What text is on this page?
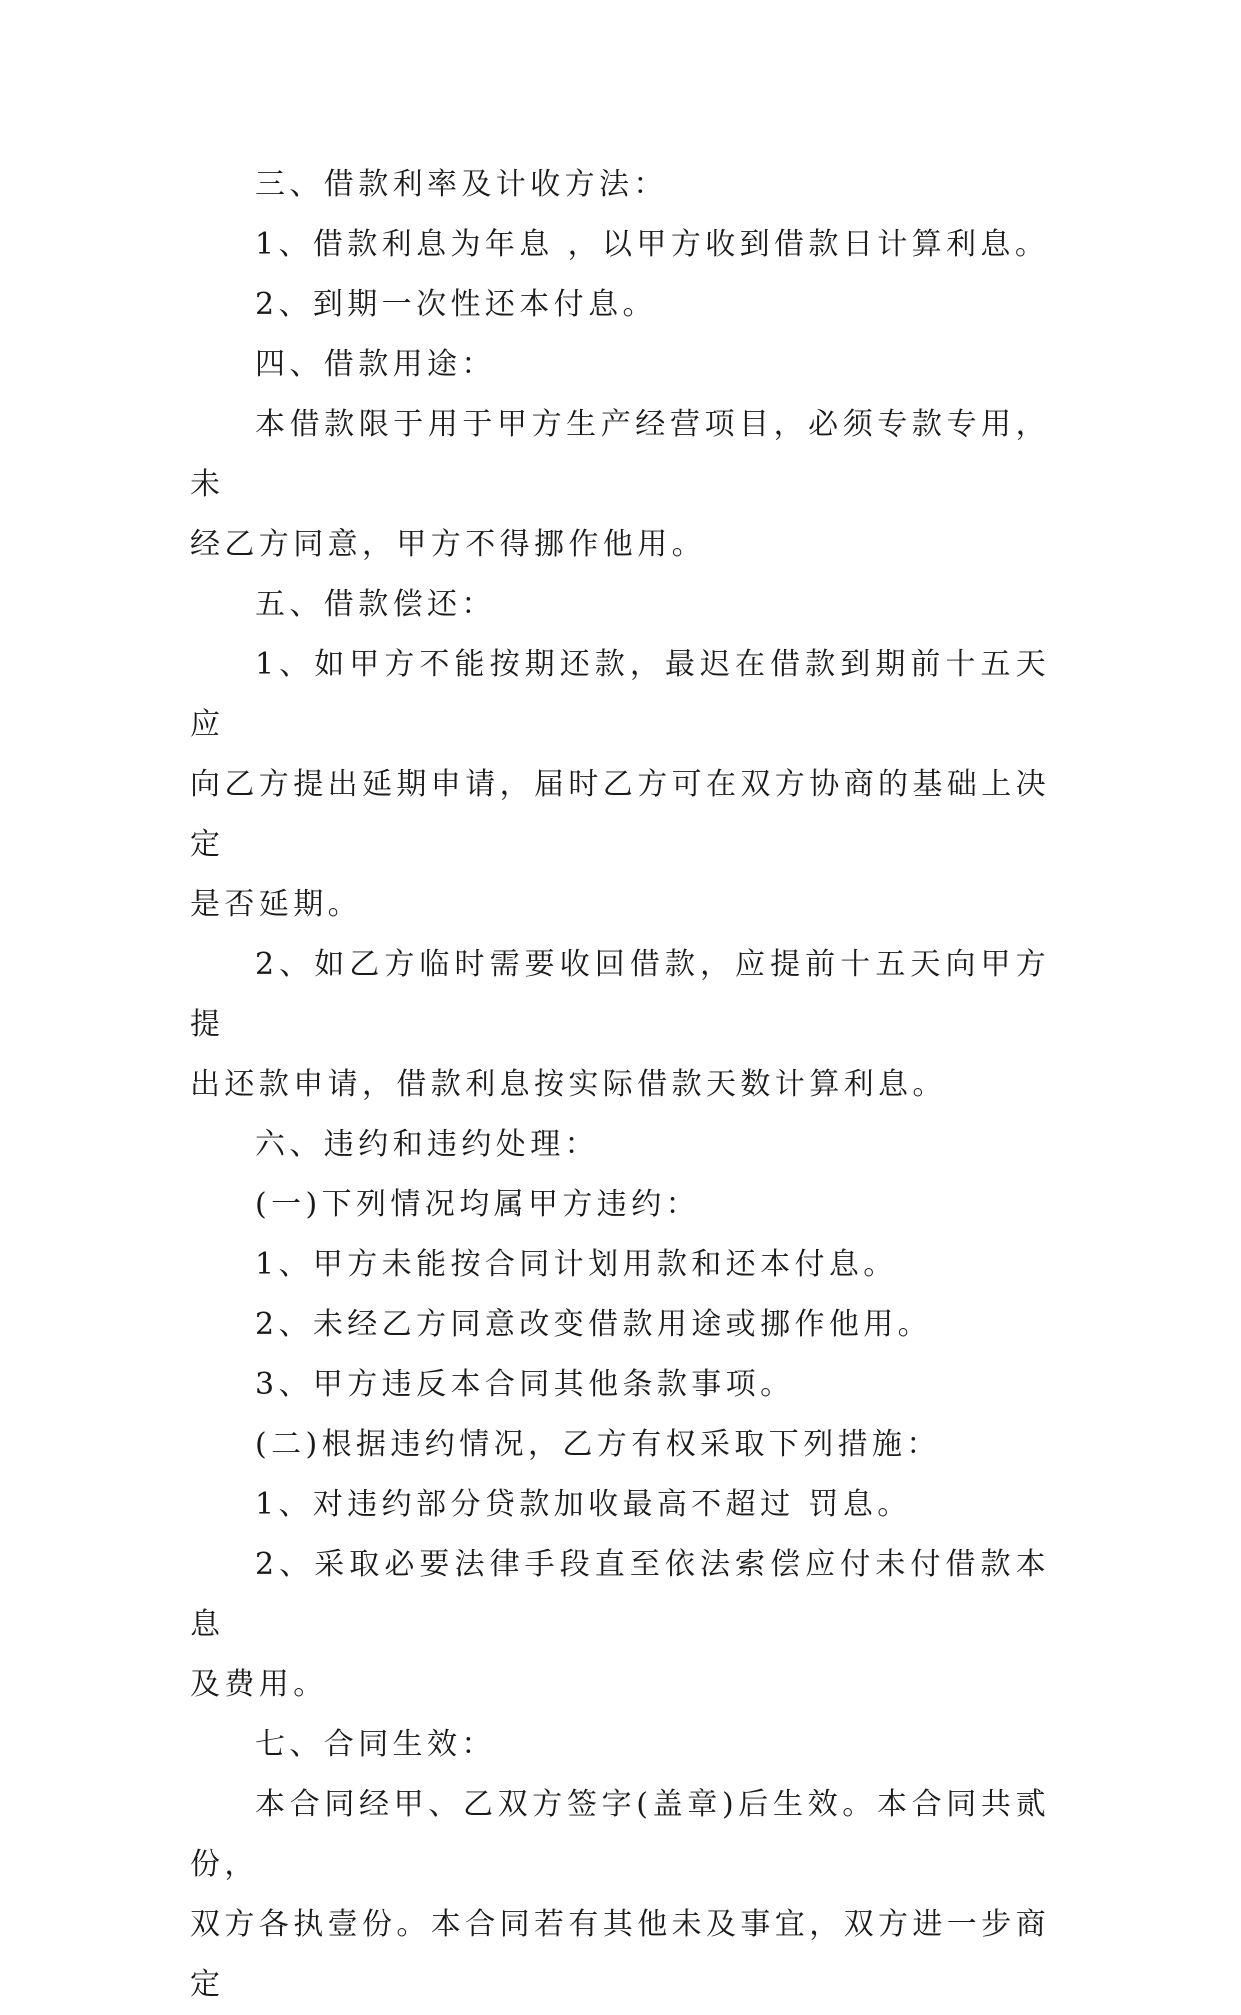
三、借款利率及计收方法：

1、借款利息为年息 ，以甲方收到借款日计算利息。

2、到期一次性还本付息。

四、借款用途：

本借款限于用于甲方生产经营项目，必须专款专用，未
经乙方同意，甲方不得挪作他用。

五、借款偿还：

1、如甲方不能按期还款，最迟在借款到期前十五天应
向乙方提出延期申请，届时乙方可在双方协商的基础上决定
是否延期。

2、如乙方临时需要收回借款，应提前十五天向甲方提
出还款申请，借款利息按实际借款天数计算利息。

六、违约和违约处理：

(一)下列情况均属甲方违约：

1、甲方未能按合同计划用款和还本付息。

2、未经乙方同意改变借款用途或挪作他用。

3、甲方违反本合同其他条款事项。

(二)根据违约情况，乙方有权采取下列措施：

1、对违约部分贷款加收最高不超过 罚息。

2、采取必要法律手段直至依法索偿应付未付借款本息
及费用。

七、合同生效：

本合同经甲、乙双方签字(盖章)后生效。本合同共贰份，
双方各执壹份。本合同若有其他未及事宜，双方进一步商定
